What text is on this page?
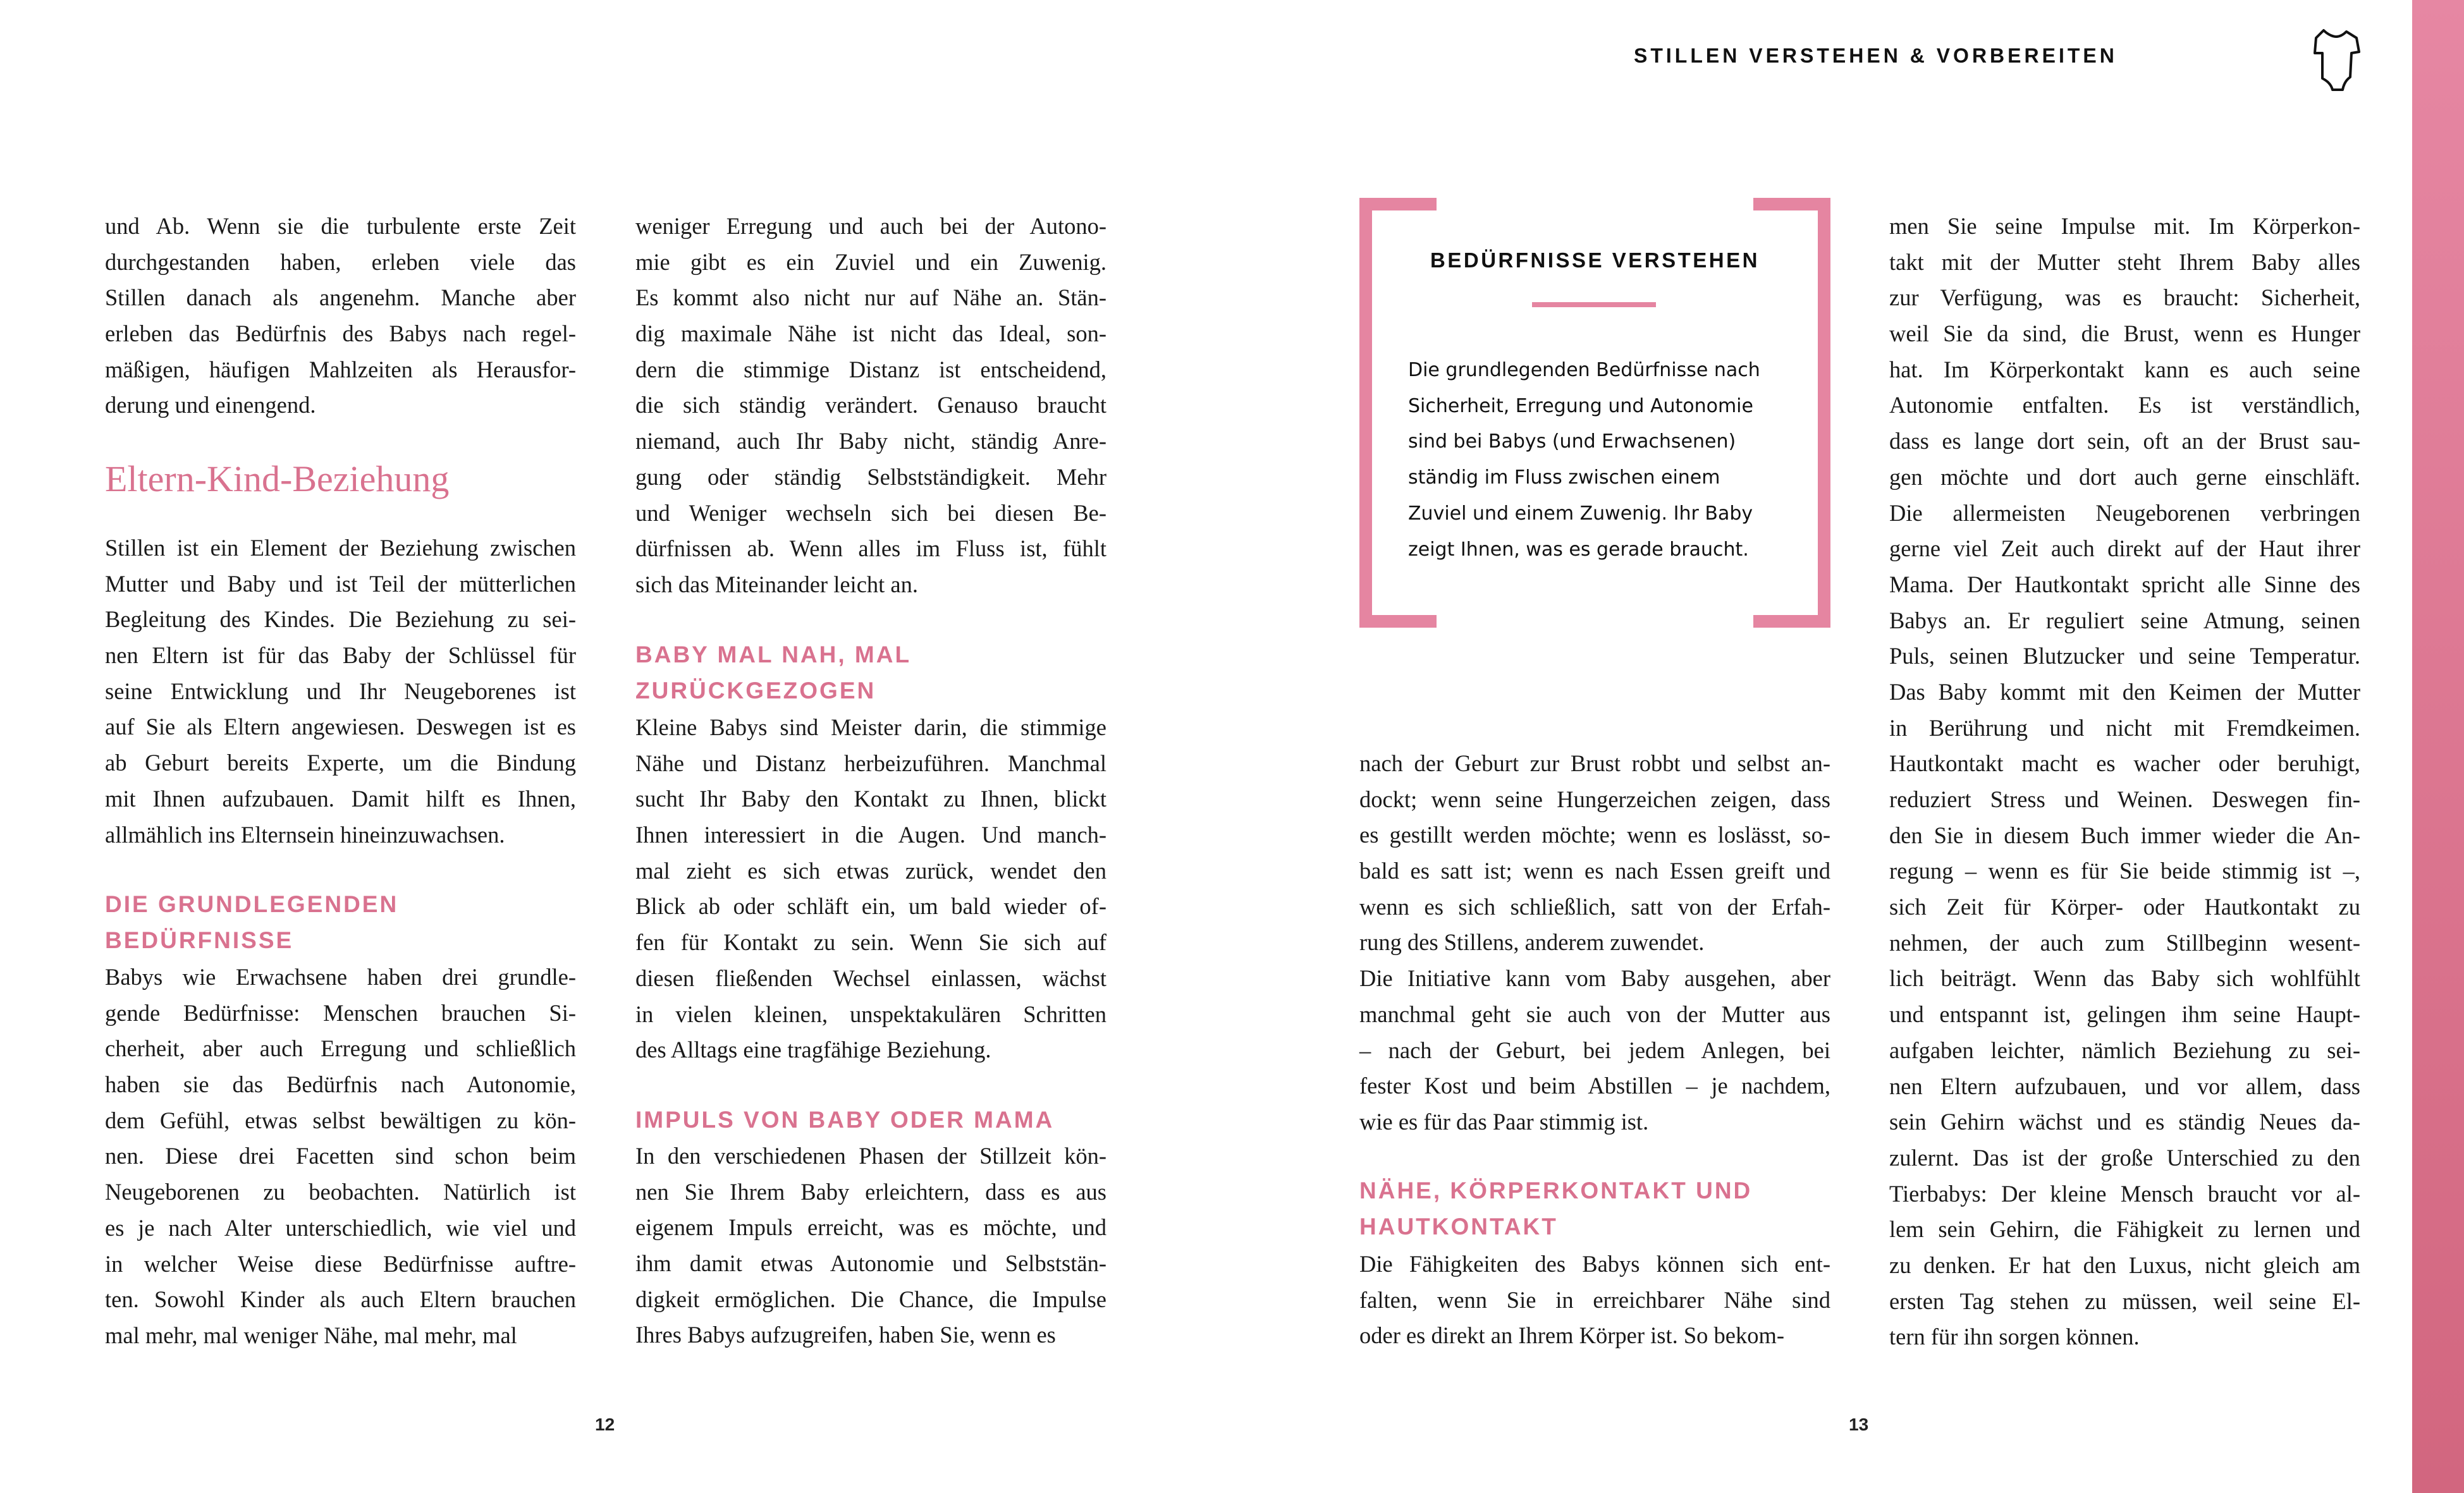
STILLEN VERSTEHEN & VORBEREITEN
und Ab. Wenn sie die turbulente erste Zeit
durchgestanden haben, erleben viele das
Stillen danach als angenehm. Manche aber
erleben das Bedürfnis des Babys nach regel-
mäßigen, häufigen Mahlzeiten als Herausfor-
derung und einengend.
Eltern-Kind-Beziehung
Stillen ist ein Element der Beziehung zwischen
Mutter und Baby und ist Teil der mütterlichen
Begleitung des Kindes. Die Beziehung zu sei-
nen Eltern ist für das Baby der Schlüssel für
seine Entwicklung und Ihr Neugeborenes ist
auf Sie als Eltern angewiesen. Deswegen ist es
ab Geburt bereits Experte, um die Bindung
mit Ihnen aufzubauen. Damit hilft es Ihnen,
allmählich ins Elternsein hineinzuwachsen.
DIE GRUNDLEGENDEN
BEDÜRFNISSE
Babys wie Erwachsene haben drei grundle-
gende Bedürfnisse: Menschen brauchen Si-
cherheit, aber auch Erregung und schließlich
haben sie das Bedürfnis nach Autonomie,
dem Gefühl, etwas selbst bewältigen zu kön-
nen. Diese drei Facetten sind schon beim
Neugeborenen zu beobachten. Natürlich ist
es je nach Alter unterschiedlich, wie viel und
in welcher Weise diese Bedürfnisse auftre-
ten. Sowohl Kinder als auch Eltern brauchen
mal mehr, mal weniger Nähe, mal mehr, mal
weniger Erregung und auch bei der Autono-
mie gibt es ein Zuviel und ein Zuwenig.
Es kommt also nicht nur auf Nähe an. Stän-
dig maximale Nähe ist nicht das Ideal, son-
dern die stimmige Distanz ist entscheidend,
die sich ständig verändert. Genauso braucht
niemand, auch Ihr Baby nicht, ständig Anre-
gung oder ständig Selbstständigkeit. Mehr
und Weniger wechseln sich bei diesen Be-
dürfnissen ab. Wenn alles im Fluss ist, fühlt
sich das Miteinander leicht an.
BABY MAL NAH, MAL
ZURÜCKGEZOGEN
Kleine Babys sind Meister darin, die stimmige
Nähe und Distanz herbeizuführen. Manchmal
sucht Ihr Baby den Kontakt zu Ihnen, blickt
Ihnen interessiert in die Augen. Und manch-
mal zieht es sich etwas zurück, wendet den
Blick ab oder schläft ein, um bald wieder of-
fen für Kontakt zu sein. Wenn Sie sich auf
diesen fließenden Wechsel einlassen, wächst
in vielen kleinen, unspektakulären Schritten
des Alltags eine tragfähige Beziehung.
IMPULS VON BABY ODER MAMA
In den verschiedenen Phasen der Stillzeit kön-
nen Sie Ihrem Baby erleichtern, dass es aus
eigenem Impuls erreicht, was es möchte, und
ihm damit etwas Autonomie und Selbststän-
digkeit ermöglichen. Die Chance, die Impulse
Ihres Babys aufzugreifen, haben Sie, wenn es
BEDÜRFNISSE VERSTEHEN
Die grundlegenden Bedürfnisse nach
Sicherheit, Erregung und Autonomie
sind bei Babys (und Erwachsenen)
ständig im Fluss zwischen einem
Zuviel und einem Zuwenig. Ihr Baby
zeigt Ihnen, was es gerade braucht.
nach der Geburt zur Brust robbt und selbst an-
dockt; wenn seine Hungerzeichen zeigen, dass
es gestillt werden möchte; wenn es loslässt, so-
bald es satt ist; wenn es nach Essen greift und
wenn es sich schließlich, satt von der Erfah-
rung des Stillens, anderem zuwendet.
Die Initiative kann vom Baby ausgehen, aber
manchmal geht sie auch von der Mutter aus
– nach der Geburt, bei jedem Anlegen, bei
fester Kost und beim Abstillen – je nachdem,
wie es für das Paar stimmig ist.
NÄHE, KÖRPERKONTAKT UND
HAUTKONTAKT
Die Fähigkeiten des Babys können sich ent-
falten, wenn Sie in erreichbarer Nähe sind
oder es direkt an Ihrem Körper ist. So bekom-
men Sie seine Impulse mit. Im Körperkon-
takt mit der Mutter steht Ihrem Baby alles
zur Verfügung, was es braucht: Sicherheit,
weil Sie da sind, die Brust, wenn es Hunger
hat. Im Körperkontakt kann es auch seine
Autonomie entfalten. Es ist verständlich,
dass es lange dort sein, oft an der Brust sau-
gen möchte und dort auch gerne einschläft.
Die allermeisten Neugeborenen verbringen
gerne viel Zeit auch direkt auf der Haut ihrer
Mama. Der Hautkontakt spricht alle Sinne des
Babys an. Er reguliert seine Atmung, seinen
Puls, seinen Blutzucker und seine Temperatur.
Das Baby kommt mit den Keimen der Mutter
in Berührung und nicht mit Fremdkeimen.
Hautkontakt macht es wacher oder beruhigt,
reduziert Stress und Weinen. Deswegen fin-
den Sie in diesem Buch immer wieder die An-
regung – wenn es für Sie beide stimmig ist –,
sich Zeit für Körper- oder Hautkontakt zu
nehmen, der auch zum Stillbeginn wesent-
lich beiträgt. Wenn das Baby sich wohlfühlt
und entspannt ist, gelingen ihm seine Haupt-
aufgaben leichter, nämlich Beziehung zu sei-
nen Eltern aufzubauen, und vor allem, dass
sein Gehirn wächst und es ständig Neues da-
zulernt. Das ist der große Unterschied zu den
Tierbabys: Der kleine Mensch braucht vor al-
lem sein Gehirn, die Fähigkeit zu lernen und
zu denken. Er hat den Luxus, nicht gleich am
ersten Tag stehen zu müssen, weil seine El-
tern für ihn sorgen können.
12	13
